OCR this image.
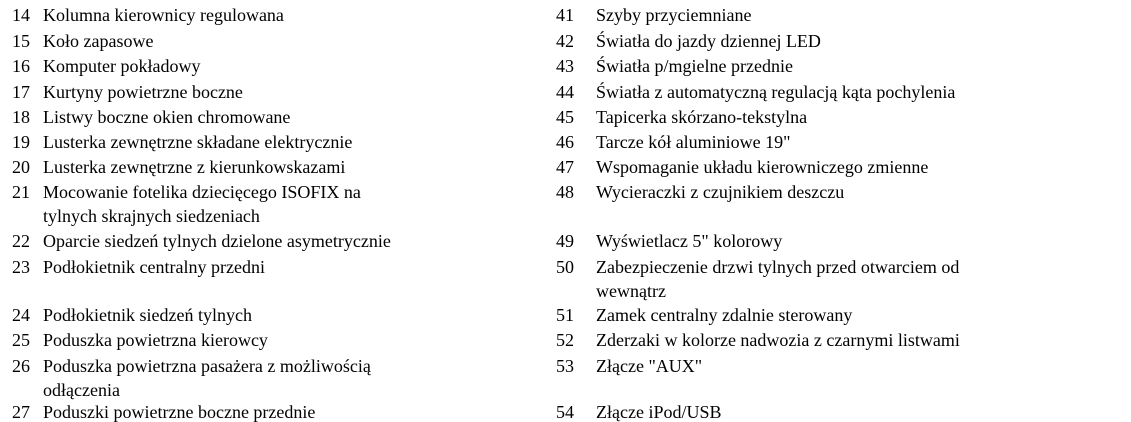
14 Kolumna kierownicy regulowana
15 Koło zapasowe
16 Komputer pokładowy
17 Kurtyny powietrzne boczne
18 Listwy boczne okien chromowane
19 Lusterka zewnętrzne składane elektrycznie
20 Lusterka zewnętrzne z kierunkowskazami
21 Mocowanie fotelika dziecięcego ISOFIX na
tylnych skrajnych siedzeniach
22 Oparcie siedzeń tylnych dzielone asymetrycznie
23 Podłokietnik centralny przedni
24 Podłokietnik siedzeń tylnych
25 Poduszka powietrzna kierowcy
26 Poduszka powietrzna pasażera z możliwością
odłączenia
27 Poduszki powietrzne boczne przednie
41 Szyby przyciemniane
42 Światła do jazdy dziennej LED
43 Światła p/mgielne przednie
44 Światła z automatyczną regulacją kąta pochylenia
45 Tapicerka skórzano-tekstylna
46 Tarcze kół aluminiowe 19"
47 Wspomaganie układu kierowniczego zmienne
48 Wycieraczki z czujnikiem deszczu
49 Wyświetlacz 5" kolorowy
50 Zabezpieczenie drzwi tylnych przed otwarciem od
wewnątrz
51 Zamek centralny zdalnie sterowany
52 Zderzaki w kolorze nadwozia z czarnymi listwami
53 Złącze "AUX"
54 Złącze iPod/USB
